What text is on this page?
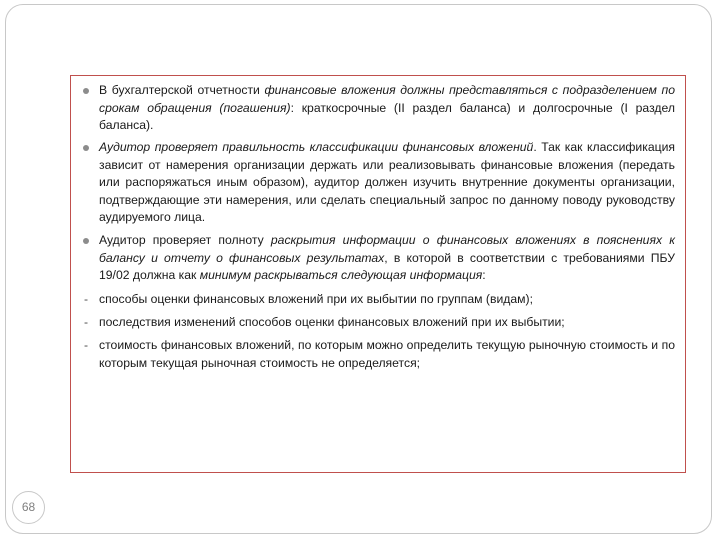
В бухгалтерской отчетности финансовые вложения должны представляться с подразделением по срокам обращения (погашения): краткосрочные (II раздел баланса) и долгосрочные (I раздел баланса).
Аудитор проверяет правильность классификации финансовых вложений. Так как классификация зависит от намерения организации держать или реализовывать финансовые вложения (передать или распоряжаться иным образом), аудитор должен изучить внутренние документы организации, подтверждающие эти намерения, или сделать специальный запрос по данному поводу руководству аудируемого лица.
Аудитор проверяет полноту раскрытия информации о финансовых вложениях в пояснениях к балансу и отчету о финансовых результатах, в которой в соответствии с требованиями ПБУ 19/02 должна как минимум раскрываться следующая информация:
- способы оценки финансовых вложений при их выбытии по группам (видам);
- последствия изменений способов оценки финансовых вложений при их выбытии;
- стоимость финансовых вложений, по которым можно определить текущую рыночную стоимость и по которым текущая рыночная стоимость не определяется;
68
